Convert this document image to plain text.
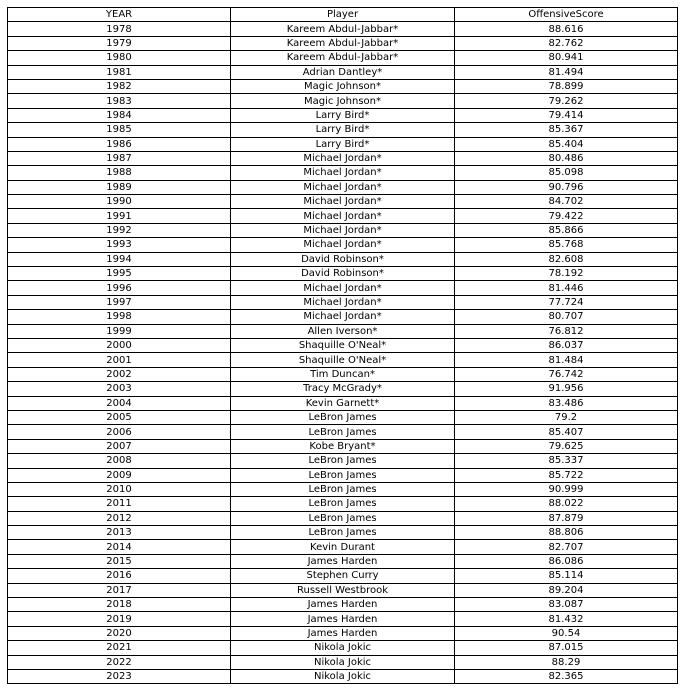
YEAR	Player	OffensiveScore
1978	Kareem Abdul-Jabbar*	88.616
1979	Kareem Abdul-Jabbar*	82.762
1980	Kareem Abdul-Jabbar*	80.941
1981	Adrian Dantley*	81.494
1982	Magic Johnson*	78.899
1983	Magic Johnson*	79.262
1984	Larry Bird*	79.414
1985	Larry Bird*	85.367
1986	Larry Bird*	85.404
1987	Michael Jordan*	80.486
1988	Michael Jordan*	85.098
1989	Michael Jordan*	90.796
1990	Michael Jordan*	84.702
1991	Michael Jordan*	79.422
1992	Michael Jordan*	85.866
1993	Michael Jordan*	85.768
1994	David Robinson*	82.608
1995	David Robinson*	78.192
1996	Michael Jordan*	81.446
1997	Michael Jordan*	77.724
1998	Michael Jordan*	80.707
1999	Allen Iverson*	76.812
2000	Shaquille O'Neal*	86.037
2001	Shaquille O'Neal*	81.484
2002	Tim Duncan*	76.742
2003	Tracy McGrady*	91.956
2004	Kevin Garnett*	83.486
2005	LeBron James	79.2
2006	LeBron James	85.407
2007	Kobe Bryant*	79.625
2008	LeBron James	85.337
2009	LeBron James	85.722
2010	LeBron James	90.999
2011	LeBron James	88.022
2012	LeBron James	87.879
2013	LeBron James	88.806
2014	Kevin Durant	82.707
2015	James Harden	86.086
2016	Stephen Curry	85.114
2017	Russell Westbrook	89.204
2018	James Harden	83.087
2019	James Harden	81.432
2020	James Harden	90.54
2021	Nikola Jokic	87.015
2022	Nikola Jokic	88.29
2023	Nikola Jokic	82.365
